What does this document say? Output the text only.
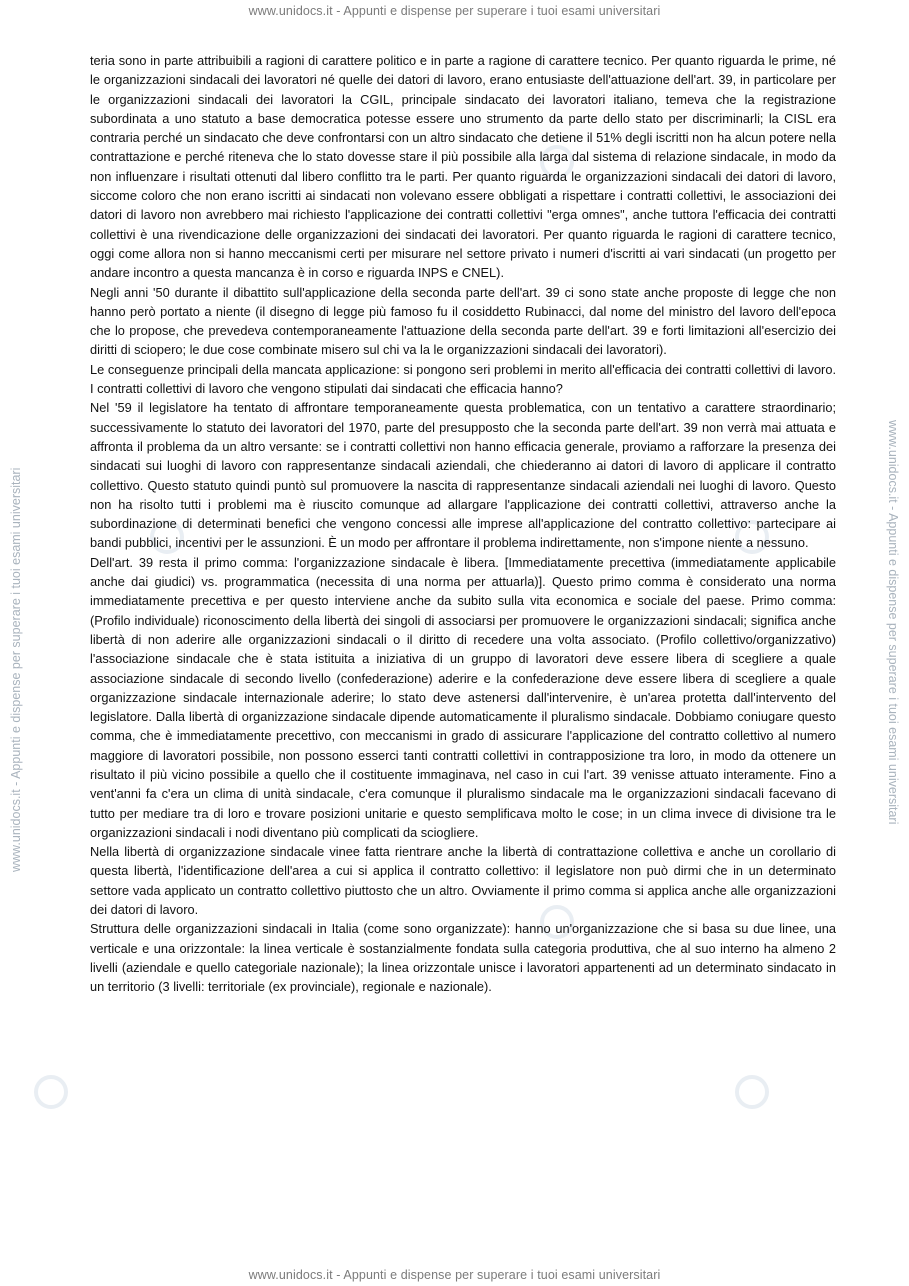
www.unidocs.it - Appunti e dispense per superare i tuoi esami universitari
www.unidocs.it - Appunti e dispense per superare i tuoi esami universitari	www.unidocs.it - Appunti e dispense per superare i tuoi esami universitari

teria sono in parte attribuibili a ragioni di carattere politico e in parte a ragione di carattere tecnico. Per quanto riguarda le prime, né le organizzazioni sindacali dei lavoratori né quelle dei datori di lavoro, erano entusiaste dell'attuazione dell'art. 39, in particolare per le organizzazioni sindacali dei lavoratori la CGIL, principale sindacato dei lavoratori italiano, temeva che la registrazione subordinata a uno statuto a base democratica potesse essere uno strumento da parte dello stato per discriminarli; la CISL era contraria perché un sindacato che deve confrontarsi con un altro sindacato che detiene il 51% degli iscritti non ha alcun potere nella contrattazione e perché riteneva che lo stato dovesse stare il più possibile alla larga dal sistema di relazione sindacale, in modo da non influenzare i risultati ottenuti dal libero conflitto tra le parti. Per quanto riguarda le organizzazioni sindacali dei datori di lavoro, siccome coloro che non erano iscritti ai sindacati non volevano essere obbligati a rispettare i contratti collettivi, le associazioni dei datori di lavoro non avrebbero mai richiesto l'applicazione dei contratti collettivi "erga omnes", anche tuttora l'efficacia dei contratti collettivi è una rivendicazione delle organizzazioni dei sindacati dei lavoratori. Per quanto riguarda le ragioni di carattere tecnico, oggi come allora non si hanno meccanismi certi per misurare nel settore privato i numeri d'iscritti ai vari sindacati (un progetto per andare incontro a questa mancanza è in corso e riguarda INPS e CNEL).

Negli anni '50 durante il dibattito sull'applicazione della seconda parte dell'art. 39 ci sono state anche proposte di legge che non hanno però portato a niente (il disegno di legge più famoso fu il cosiddetto Rubinacci, dal nome del ministro del lavoro dell'epoca che lo propose, che prevedeva contemporaneamente l'attuazione della seconda parte dell'art. 39 e forti limitazioni all'esercizio dei diritti di sciopero; le due cose combinate misero sul chi va la le organizzazioni sindacali dei lavoratori).

Le conseguenze principali della mancata applicazione: si pongono seri problemi in merito all'efficacia dei contratti collettivi di lavoro. I contratti collettivi di lavoro che vengono stipulati dai sindacati che efficacia hanno?

Nel '59 il legislatore ha tentato di affrontare temporaneamente questa problematica, con un tentativo a carattere straordinario; successivamente lo statuto dei lavoratori del 1970, parte del presupposto che la seconda parte dell'art. 39 non verrà mai attuata e affronta il problema da un altro versante: se i contratti collettivi non hanno efficacia generale, proviamo a rafforzare la presenza dei sindacati sui luoghi di lavoro con rappresentanze sindacali aziendali, che chiederanno ai datori di lavoro di applicare il contratto collettivo. Questo statuto quindi puntò sul promuovere la nascita di rappresentanze sindacali aziendali nei luoghi di lavoro. Questo non ha risolto tutti i problemi ma è riuscito comunque ad allargare l'applicazione dei contratti collettivi, attraverso anche la subordinazione di determinati benefici che vengono concessi alle imprese all'applicazione del contratto collettivo: partecipare ai bandi pubblici, incentivi per le assunzioni. È un modo per affrontare il problema indirettamente, non s'impone niente a nessuno.

Dell'art. 39 resta il primo comma: l'organizzazione sindacale è libera. [Immediatamente precettiva (immediatamente applicabile anche dai giudici) vs. programmatica (necessita di una norma per attuarla)]. Questo primo comma è considerato una norma immediatamente precettiva e per questo interviene anche da subito sulla vita economica e sociale del paese. Primo comma: (Profilo individuale) riconoscimento della libertà dei singoli di associarsi per promuovere le organizzazioni sindacali; significa anche libertà di non aderire alle organizzazioni sindacali o il diritto di recedere una volta associato. (Profilo collettivo/organizzativo) l'associazione sindacale che è stata istituita a iniziativa di un gruppo di lavoratori deve essere libera di scegliere a quale associazione sindacale di secondo livello (confederazione) aderire e la confederazione deve essere libera di scegliere a quale organizzazione sindacale internazionale aderire; lo stato deve astenersi dall'intervenire, è un'area protetta dall'intervento del legislatore. Dalla libertà di organizzazione sindacale dipende automaticamente il pluralismo sindacale. Dobbiamo coniugare questo comma, che è immediatamente precettivo, con meccanismi in grado di assicurare l'applicazione del contratto collettivo al numero maggiore di lavoratori possibile, non possono esserci tanti contratti collettivi in contrapposizione tra loro, in modo da ottenere un risultato il più vicino possibile a quello che il costituente immaginava, nel caso in cui l'art. 39 venisse attuato interamente. Fino a vent'anni fa c'era un clima di unità sindacale, c'era comunque il pluralismo sindacale ma le organizzazioni sindacali facevano di tutto per mediare tra di loro e trovare posizioni unitarie e questo semplificava molto le cose; in un clima invece di divisione tra le organizzazioni sindacali i nodi diventano più complicati da sciogliere.

Nella libertà di organizzazione sindacale vinee fatta rientrare anche la libertà di contrattazione collettiva e anche un corollario di questa libertà, l'identificazione dell'area a cui si applica il contratto collettivo: il legislatore non può dirmi che in un determinato settore vada applicato un contratto collettivo piuttosto che un altro. Ovviamente il primo comma si applica anche alle organizzazioni dei datori di lavoro.

Struttura delle organizzazioni sindacali in Italia (come sono organizzate): hanno un'organizzazione che si basa su due linee, una verticale e una orizzontale: la linea verticale è sostanzialmente fondata sulla categoria produttiva, che al suo interno ha almeno 2 livelli (aziendale e quello categoriale nazionale); la linea orizzontale unisce i lavoratori appartenenti ad un determinato sindacato in un territorio (3 livelli: territoriale (ex provinciale), regionale e nazionale).

www.unidocs.it - Appunti e dispense per superare i tuoi esami universitari
